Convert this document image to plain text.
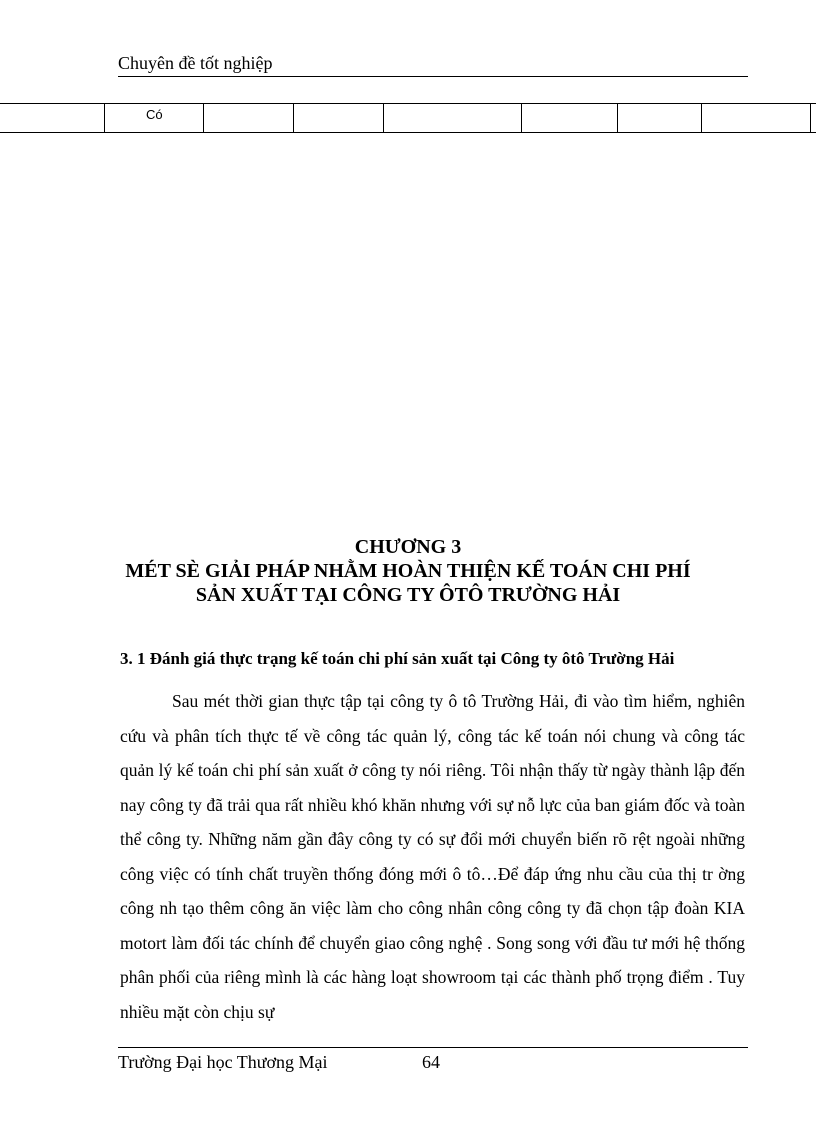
Chuyên đề tốt nghiệp
Có
CHƯƠNG 3
MÉT SÈ GIẢI PHÁP NHẰM HOÀN THIỆN KẾ TOÁN CHI PHÍ
SẢN XUẤT TẠI CÔNG TY ÔTÔ TRƯỜNG HẢI
3. 1 Đánh giá thực trạng kế toán chi phí sản xuất tại Công ty ôtô Trường Hải
Sau mét thời gian thực tập tại công ty ô tô Trường Hải, đi vào tìm hiểm, nghiên cứu và phân tích thực tế về công tác quản lý, công tác kế toán nói chung và công tác quản lý kế toán chi phí sản xuất ở công ty nói riêng. Tôi nhận thấy từ ngày thành lập đến nay công ty đã trải qua rất nhiều khó khăn nhưng với sự nỗ lực của ban giám đốc và toàn thể công ty. Những năm gần đây công ty có sự đổi mới chuyển biến rõ rệt ngoài những công việc có tính chất truyền thống đóng mới ô tô…Để đáp ứng nhu cầu của thị tr ờng công nh tạo thêm công ăn việc làm cho công nhân công công ty đã chọn tập đoàn KIA motort làm đối tác chính để chuyển giao công nghệ . Song song với đầu tư mới hệ thống phân phối của riêng mình là các hàng loạt showroom tại các thành phố trọng điểm . Tuy nhiều mặt còn chịu sự
Trường Đại học Thương Mại	64
